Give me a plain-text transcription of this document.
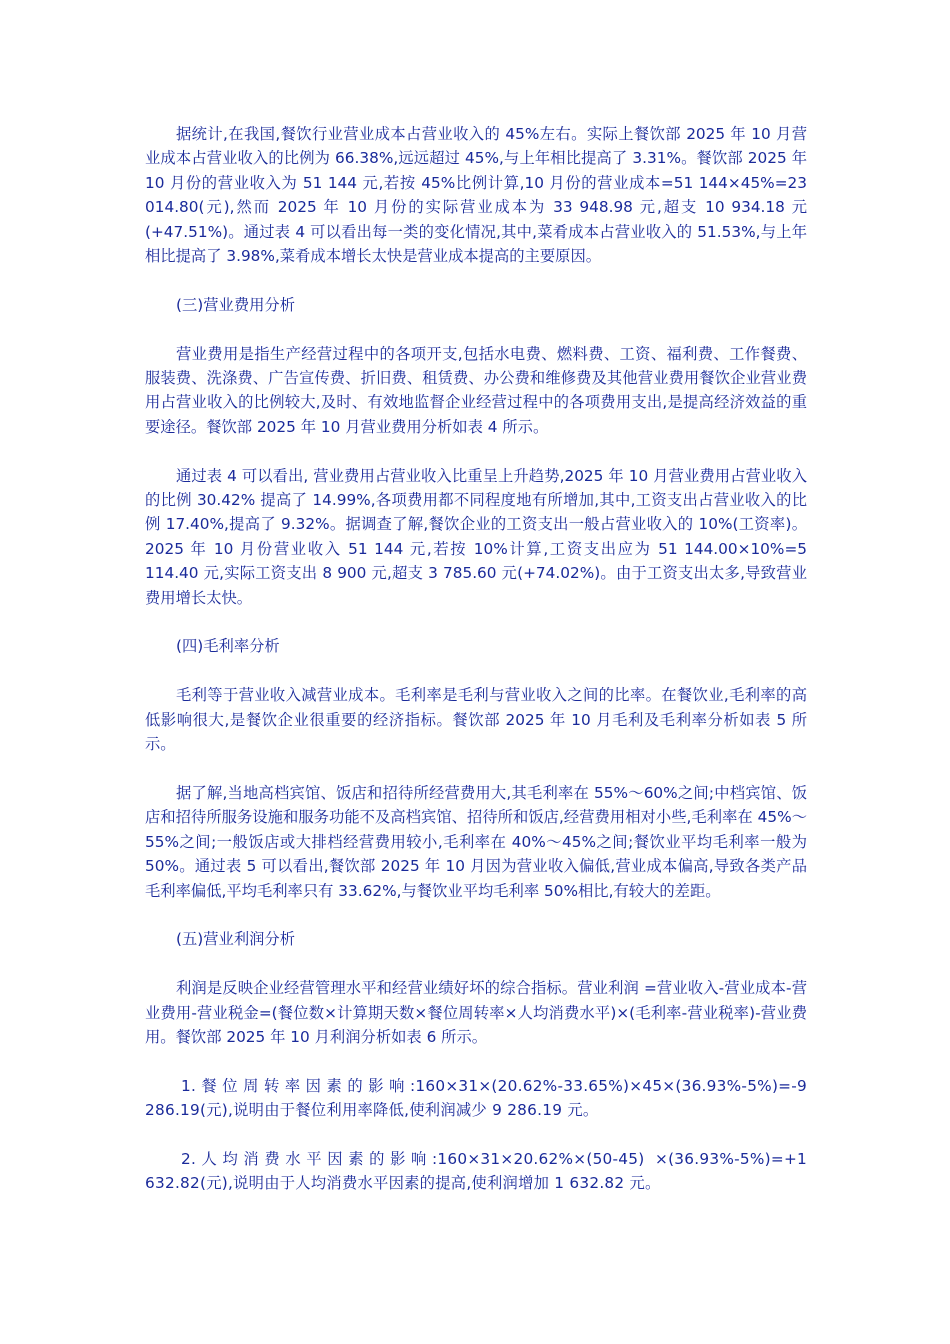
据统计,在我国,餐饮行业营业成本占营业收入的 45%左右。实际上餐饮部 2025 年 10 月营业成本占营业收入的比例为 66.38%,远远超过 45%,与上年相比提高了 3.31%。餐饮部 2025 年 10 月份的营业收入为 51 144 元,若按 45%比例计算,10 月份的营业成本=51 144×45%=23 014.80(元),然而 2025 年 10 月份的实际营业成本为 33 948.98 元,超支 10 934.18 元(+47.51%)。通过表 4 可以看出每一类的变化情况,其中,菜肴成本占营业收入的 51.53%,与上年相比提高了 3.98%,菜肴成本增长太快是营业成本提高的主要原因。

(三)营业费用分析

营业费用是指生产经营过程中的各项开支,包括水电费、燃料费、工资、福利费、工作餐费、服装费、洗涤费、广告宣传费、折旧费、租赁费、办公费和维修费及其他营业费用餐饮企业营业费用占营业收入的比例较大,及时、有效地监督企业经营过程中的各项费用支出,是提高经济效益的重要途径。餐饮部 2025 年 10 月营业费用分析如表 4 所示。

通过表 4 可以看出, 营业费用占营业收入比重呈上升趋势,2025 年 10 月营业费用占营业收入的比例 30.42% 提高了 14.99%,各项费用都不同程度地有所增加,其中,工资支出占营业收入的比例 17.40%,提高了 9.32%。据调查了解,餐饮企业的工资支出一般占营业收入的 10%(工资率)。2025 年 10 月份营业收入 51 144 元,若按 10%计算,工资支出应为 51 144.00×10%=5 114.40 元,实际工资支出 8 900 元,超支 3 785.60 元(+74.02%)。由于工资支出太多,导致营业费用增长太快。

(四)毛利率分析

毛利等于营业收入减营业成本。毛利率是毛利与营业收入之间的比率。在餐饮业,毛利率的高低影响很大,是餐饮企业很重要的经济指标。餐饮部 2025 年 10 月毛利及毛利率分析如表 5 所示。

据了解,当地高档宾馆、饭店和招待所经营费用大,其毛利率在 55%～60%之间;中档宾馆、饭店和招待所服务设施和服务功能不及高档宾馆、招待所和饭店,经营费用相对小些,毛利率在 45%～55%之间;一般饭店或大排档经营费用较小,毛利率在 40%～45%之间;餐饮业平均毛利率一般为 50%。通过表 5 可以看出,餐饮部 2025 年 10 月因为营业收入偏低,营业成本偏高,导致各类产品毛利率偏低,平均毛利率只有 33.62%,与餐饮业平均毛利率 50%相比,有较大的差距。

(五)营业利润分析

利润是反映企业经营管理水平和经营业绩好坏的综合指标。营业利润 =营业收入-营业成本-营业费用-营业税金=(餐位数×计算期天数×餐位周转率×人均消费水平)×(毛利率-营业税率)-营业费用。餐饮部 2025 年 10 月利润分析如表 6 所示。

1.餐位周转率因素的影响:160×31×(20.62%-33.65%)×45×(36.93%-5%)=-9 286.19(元),说明由于餐位利用率降低,使利润减少 9 286.19 元。

2.人均消费水平因素的影响:160×31×20.62%×(50-45) ×(36.93%-5%)=+1 632.82(元),说明由于人均消费水平因素的提高,使利润增加 1 632.82 元。
